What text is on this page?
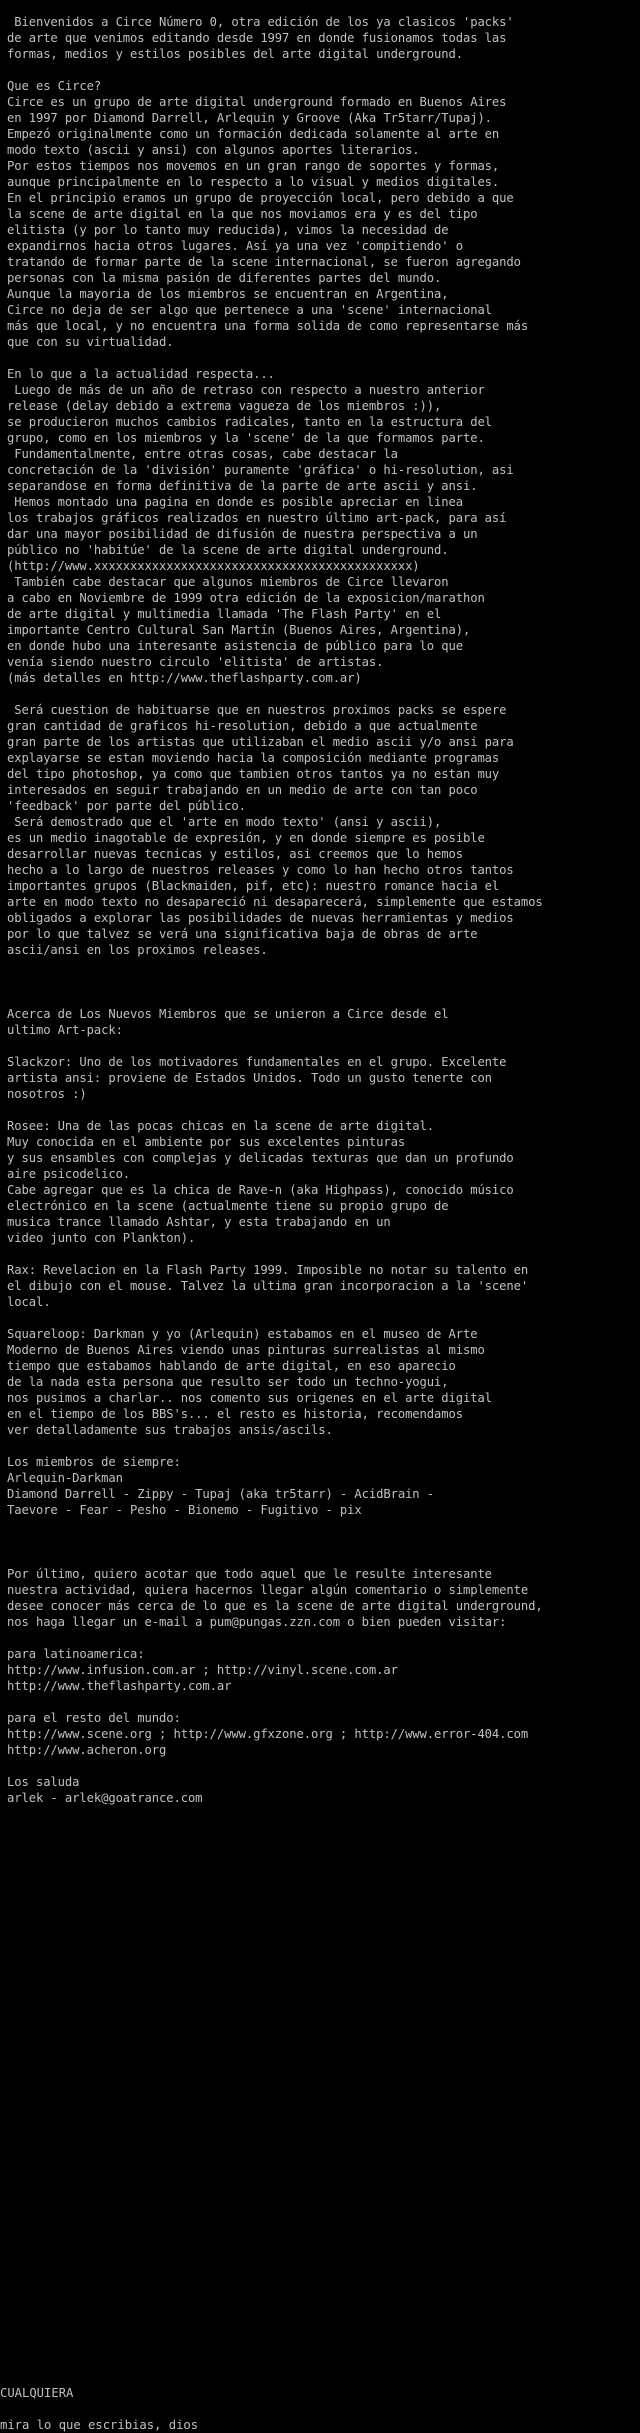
Bienvenidos a Circe Número 0, otra edición de los ya clasicos 'packs'
de arte que venimos editando desde 1997 en donde fusionamos todas las
formas, medios y estilos posibles del arte digital underground.

Que es Circe?
Circe es un grupo de arte digital underground formado en Buenos Aires
en 1997 por Diamond Darrell, Arlequin y Groove (Aka Tr5tarr/Tupaj).
Empezó originalmente como un formación dedicada solamente al arte en
modo texto (ascii y ansi) con algunos aportes literarios.
Por estos tiempos nos movemos en un gran rango de soportes y formas,
aunque principalmente en lo respecto a lo visual y medios digitales.
En el principio eramos un grupo de proyección local, pero debido a que
la scene de arte digital en la que nos moviamos era y es del tipo
elitista (y por lo tanto muy reducida), vimos la necesidad de
expandirnos hacia otros lugares. Así ya una vez 'compitiendo' o
tratando de formar parte de la scene internacional, se fueron agregando
personas con la misma pasión de diferentes partes del mundo.
Aunque la mayoria de los miembros se encuentran en Argentina,
Circe no deja de ser algo que pertenece a una 'scene' internacional
más que local, y no encuentra una forma solida de como representarse más
que con su virtualidad.

En lo que a la actualidad respecta...
Luego de más de un año de retraso con respecto a nuestro anterior
release (delay debido a extrema vagueza de los miembros :)),
se producieron muchos cambios radicales, tanto en la estructura del
grupo, como en los miembros y la 'scene' de la que formamos parte.
Fundamentalmente, entre otras cosas, cabe destacar la
concretación de la 'división' puramente 'gráfica' o hi-resolution, asi
separandose en forma definitiva de la parte de arte ascii y ansi.
Hemos montado una pagina en donde es posible apreciar en linea
los trabajos gráficos realizados en nuestro último art-pack, para así
dar una mayor posibilidad de difusión de nuestra perspectiva a un
público no 'habitúe' de la scene de arte digital underground.
(http://www.xxxxxxxxxxxxxxxxxxxxxxxxxxxxxxxxxxxxxxxxxxxx)
También cabe destacar que algunos miembros de Circe llevaron
a cabo en Noviembre de 1999 otra edición de la exposicion/marathon
de arte digital y multimedia llamada 'The Flash Party' en el
importante Centro Cultural San Martín (Buenos Aires, Argentina),
en donde hubo una interesante asistencia de público para lo que
venía siendo nuestro circulo 'elitista' de artistas.
(más detalles en http://www.theflashparty.com.ar)

Será cuestion de habituarse que en nuestros proximos packs se espere
gran cantidad de graficos hi-resolution, debido a que actualmente
gran parte de los artistas que utilizaban el medio ascii y/o ansi para
explayarse se estan moviendo hacia la composición mediante programas
del tipo photoshop, ya como que tambien otros tantos ya no estan muy
interesados en seguir trabajando en un medio de arte con tan poco
'feedback' por parte del público.
Será demostrado que el 'arte en modo texto' (ansi y ascii),
es un medio inagotable de expresión, y en donde siempre es posible
desarrollar nuevas tecnicas y estilos, asi creemos que lo hemos
hecho a lo largo de nuestros releases y como lo han hecho otros tantos
importantes grupos (Blackmaiden, pif, etc): nuestro romance hacia el
arte en modo texto no desapareció ni desaparecerá, simplemente que estamos
obligados a explorar las posibilidades de nuevas herramientas y medios
por lo que talvez se verá una significativa baja de obras de arte
ascii/ansi en los proximos releases.

Acerca de Los Nuevos Miembros que se unieron a Circe desde el
ultimo Art-pack:

Slackzor: Uno de los motivadores fundamentales en el grupo. Excelente
artista ansi: proviene de Estados Unidos. Todo un gusto tenerte con
nosotros :)

Rosee: Una de las pocas chicas en la scene de arte digital.
Muy conocida en el ambiente por sus excelentes pinturas
y sus ensambles con complejas y delicadas texturas que dan un profundo
aire psicodelico.
Cabe agregar que es la chica de Rave-n (aka Highpass), conocido músico
electrónico en la scene (actualmente tiene su propio grupo de
musica trance llamado Ashtar, y esta trabajando en un
video junto con Plankton).

Rax: Revelacion en la Flash Party 1999. Imposible no notar su talento en
el dibujo con el mouse. Talvez la ultima gran incorporacion a la 'scene'
local.

Squareloop: Darkman y yo (Arlequin) estabamos en el museo de Arte
Moderno de Buenos Aires viendo unas pinturas surrealistas al mismo
tiempo que estabamos hablando de arte digital, en eso aparecio
de la nada esta persona que resulto ser todo un techno-yogui,
nos pusimos a charlar.. nos comento sus origenes en el arte digital
en el tiempo de los BBS's... el resto es historia, recomendamos
ver detalladamente sus trabajos ansis/ascils.

Los miembros de siempre:
Arlequin-Darkman
Diamond Darrell - Zippy - Tupaj (aka tr5tarr) - AcidBrain -
Taevore - Fear - Pesho - Bionemo - Fugitivo - pix

Por último, quiero acotar que todo aquel que le resulte interesante
nuestra actividad, quiera hacernos llegar algún comentario o simplemente
desee conocer más cerca de lo que es la scene de arte digital underground,
nos haga llegar un e-mail a pum@pungas.zzn.com o bien pueden visitar:

para latinoamerica:
http://www.infusion.com.ar ; http://vinyl.scene.com.ar
http://www.theflashparty.com.ar

para el resto del mundo:
http://www.scene.org ; http://www.gfxzone.org ; http://www.error-404.com
http://www.acheron.org

Los saluda
arlek - arlek@goatrance.com

CUALQUIERA
mira lo que escribias, dios
